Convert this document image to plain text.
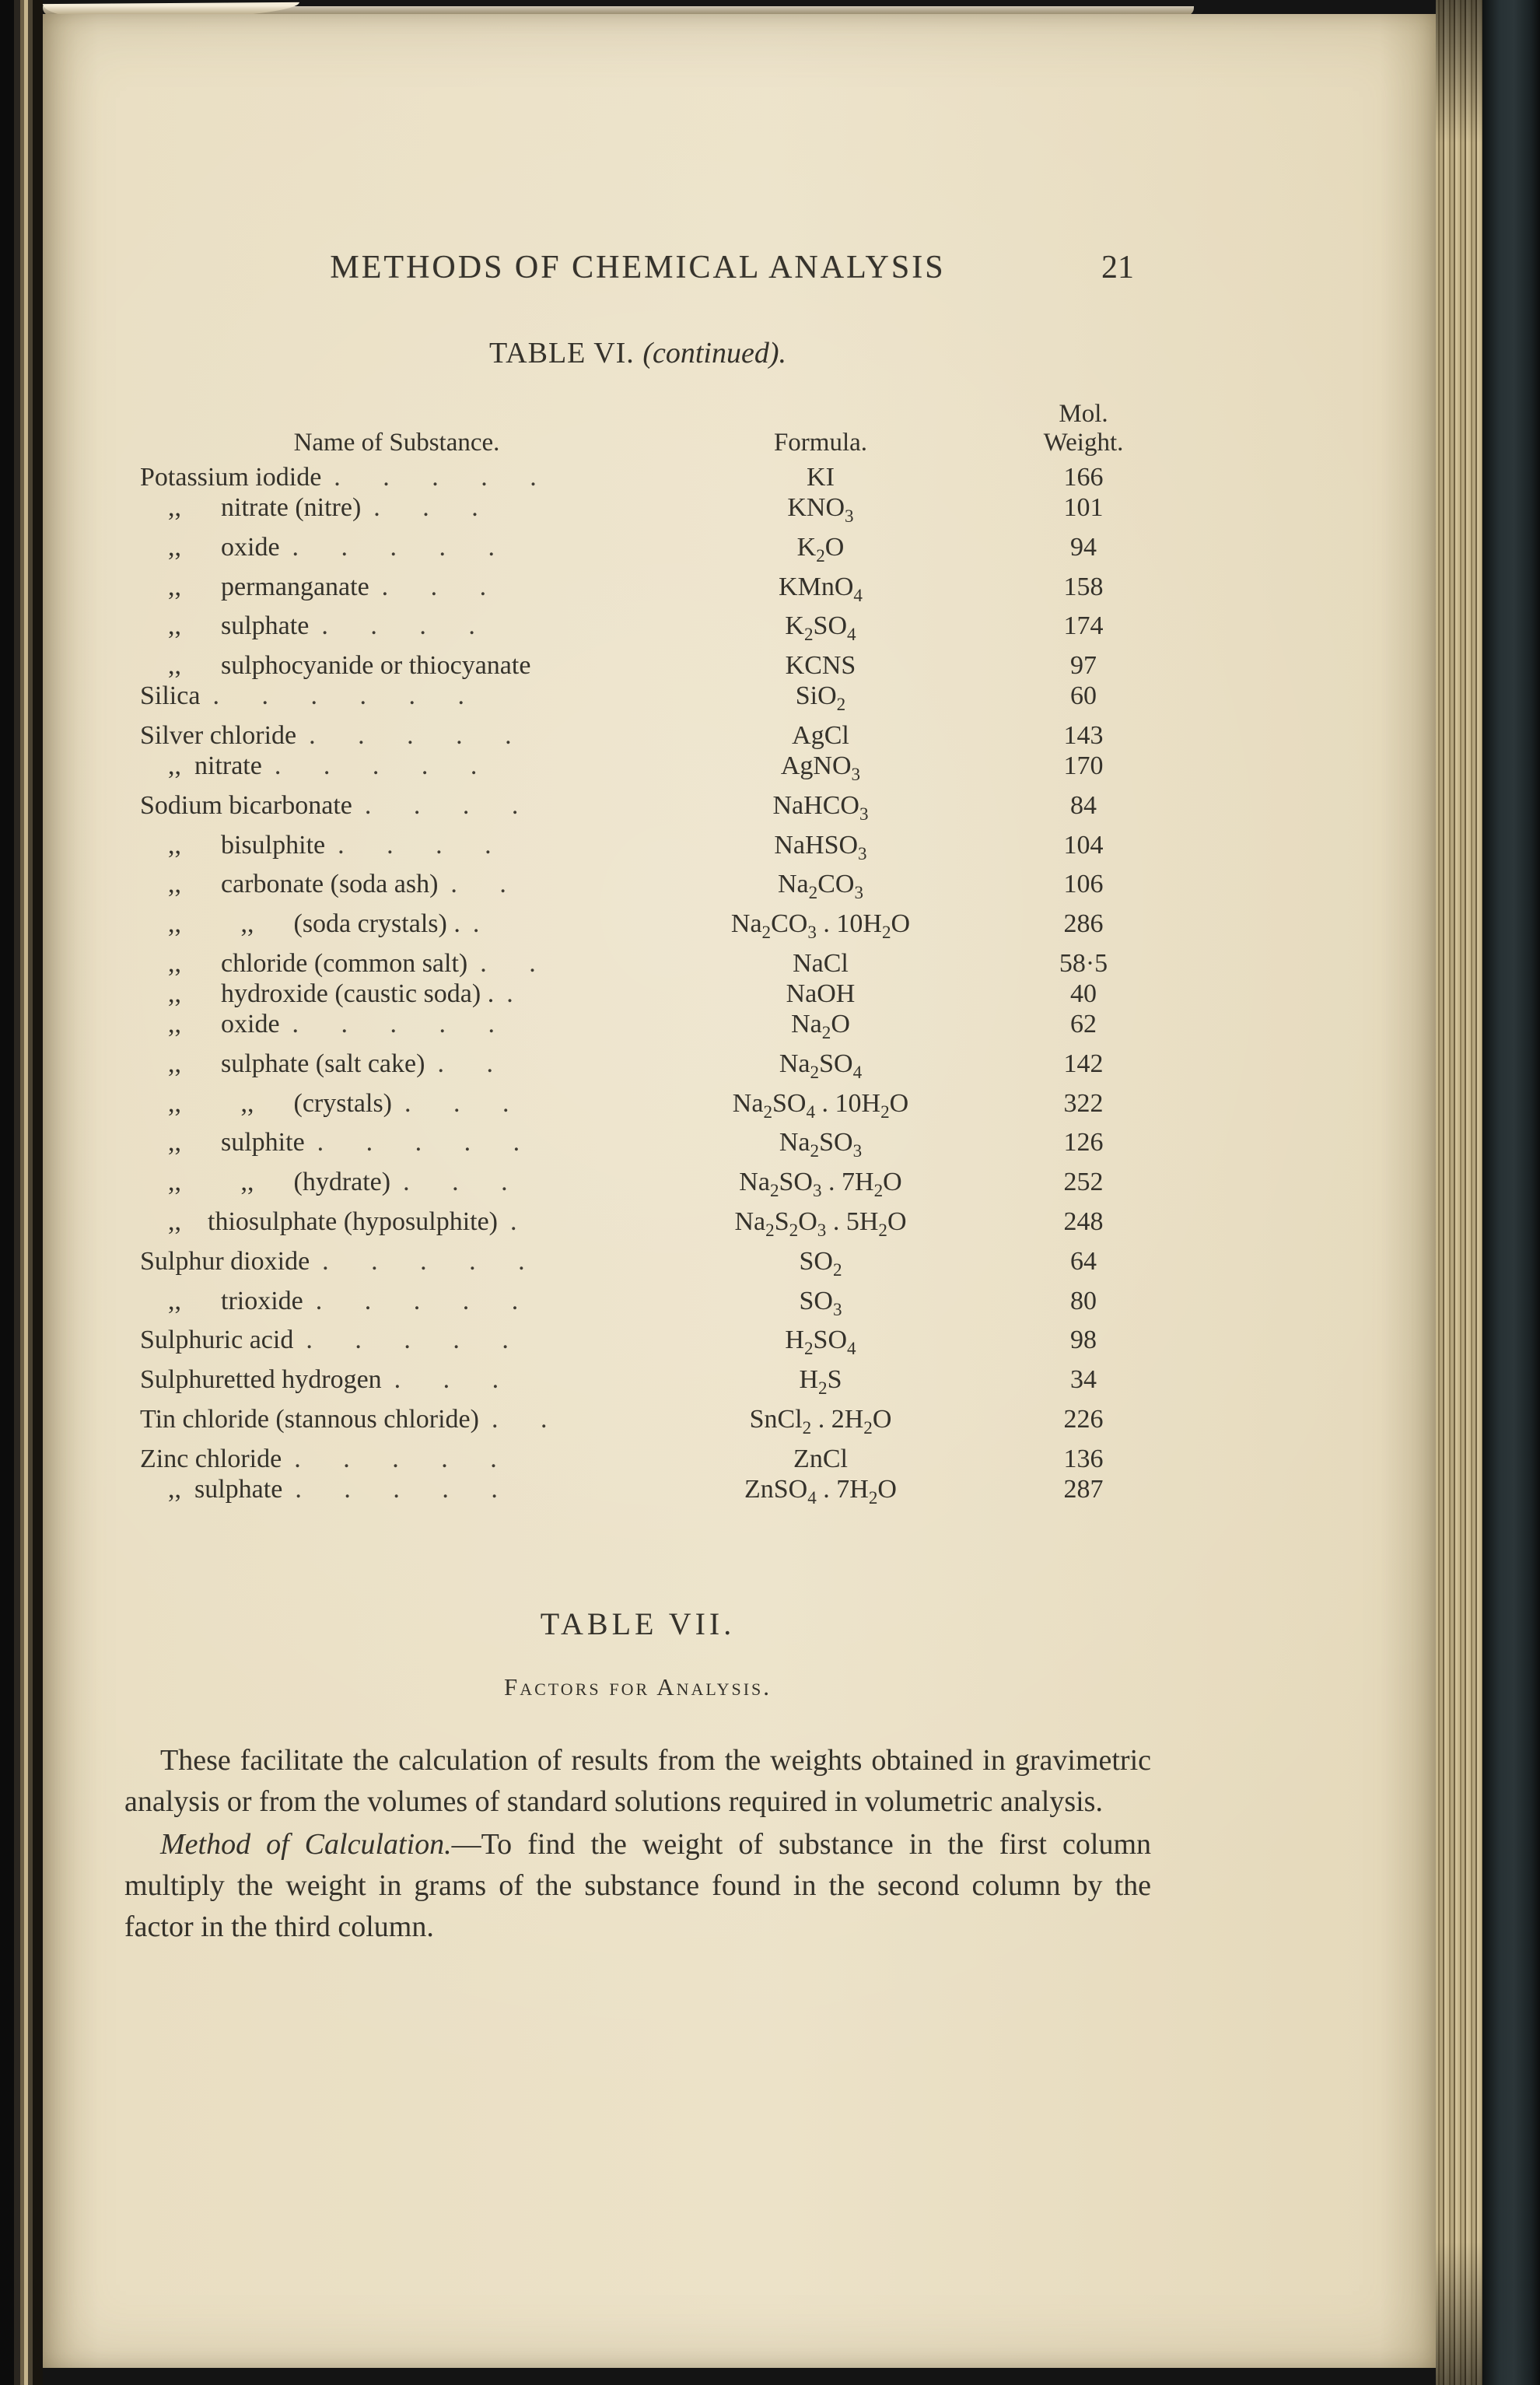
METHODS OF CHEMICAL ANALYSIS	21
TABLE VI. (continued).
Name of Substance.	Formula.
Mol.
Weight.
Potassium iodide .     .     .     .     .	KI	166
,,      nitrate (nitre) .     .     .	$KNO_3$	101
,,      oxide .     .     .     .     .	$K_2O$	94
,,      permanganate .     .     .	KMnO$_4$	158
,,      sulphate .     .     .     .	$K_2SO_4$	174
,,      sulphocyanide or thiocyanate	KCNS	97
Silica .     .     .     .     .     .	SiO$_2$	60
Silver chloride .     .     .     .     .	AgCl	143
,,  nitrate .     .     .     .     .	AgNO$_3$	170
Sodium bicarbonate .     .     .     .	NaHCO$_3$	84
,,      bisulphite .     .     .     .	NaHSO$_3$	104
,,      carbonate (soda ash) .     .	$Na_2CO_3$	106
,,         ,,      (soda crystals) . .	$Na_2CO_3$ . $10H_2O$	286
,,      chloride (common salt) .     .	NaCl	58·5
,,      hydroxide (caustic soda) . .	NaOH	40
,,      oxide .     .     .     .     .	$Na_2O$	62
,,      sulphate (salt cake) .     .	$Na_2SO_4$	142
,,         ,,      (crystals) .     .     .	$Na_2SO_4$ . $10H_2O$	322
,,      sulphite .     .     .     .     .	$Na_2SO_3$	126
,,         ,,      (hydrate) .     .     .	$Na_2SO_3$ . $7H_2O$	252
,,    thiosulphate (hyposulphite) .	$Na_2S_2O_3$ . $5H_2O$	248
Sulphur dioxide .     .     .     .     .	$SO_2$	64
,,      trioxide .     .     .     .     .	$SO_3$	80
Sulphuric acid .     .     .     .     .	$H_2SO_4$	98
Sulphuretted hydrogen .     .     .	$H_2S$	34
Tin chloride (stannous chloride) .     .	SnCl$_2$ . $2H_2O$	226
Zinc chloride .     .     .     .     .	ZnCl	136
,,  sulphate .     .     .     .     .	ZnSO$_4$ . $7H_2O$	287
TABLE VII.
Factors for Analysis.
These facilitate the calculation of results from the weights obtained in gravimetric analysis or from the volumes of standard solutions required in volumetric analysis.
Method of Calculation.—To find the weight of substance in the first column multiply the weight in grams of the substance found in the second column by the factor in the third column.
